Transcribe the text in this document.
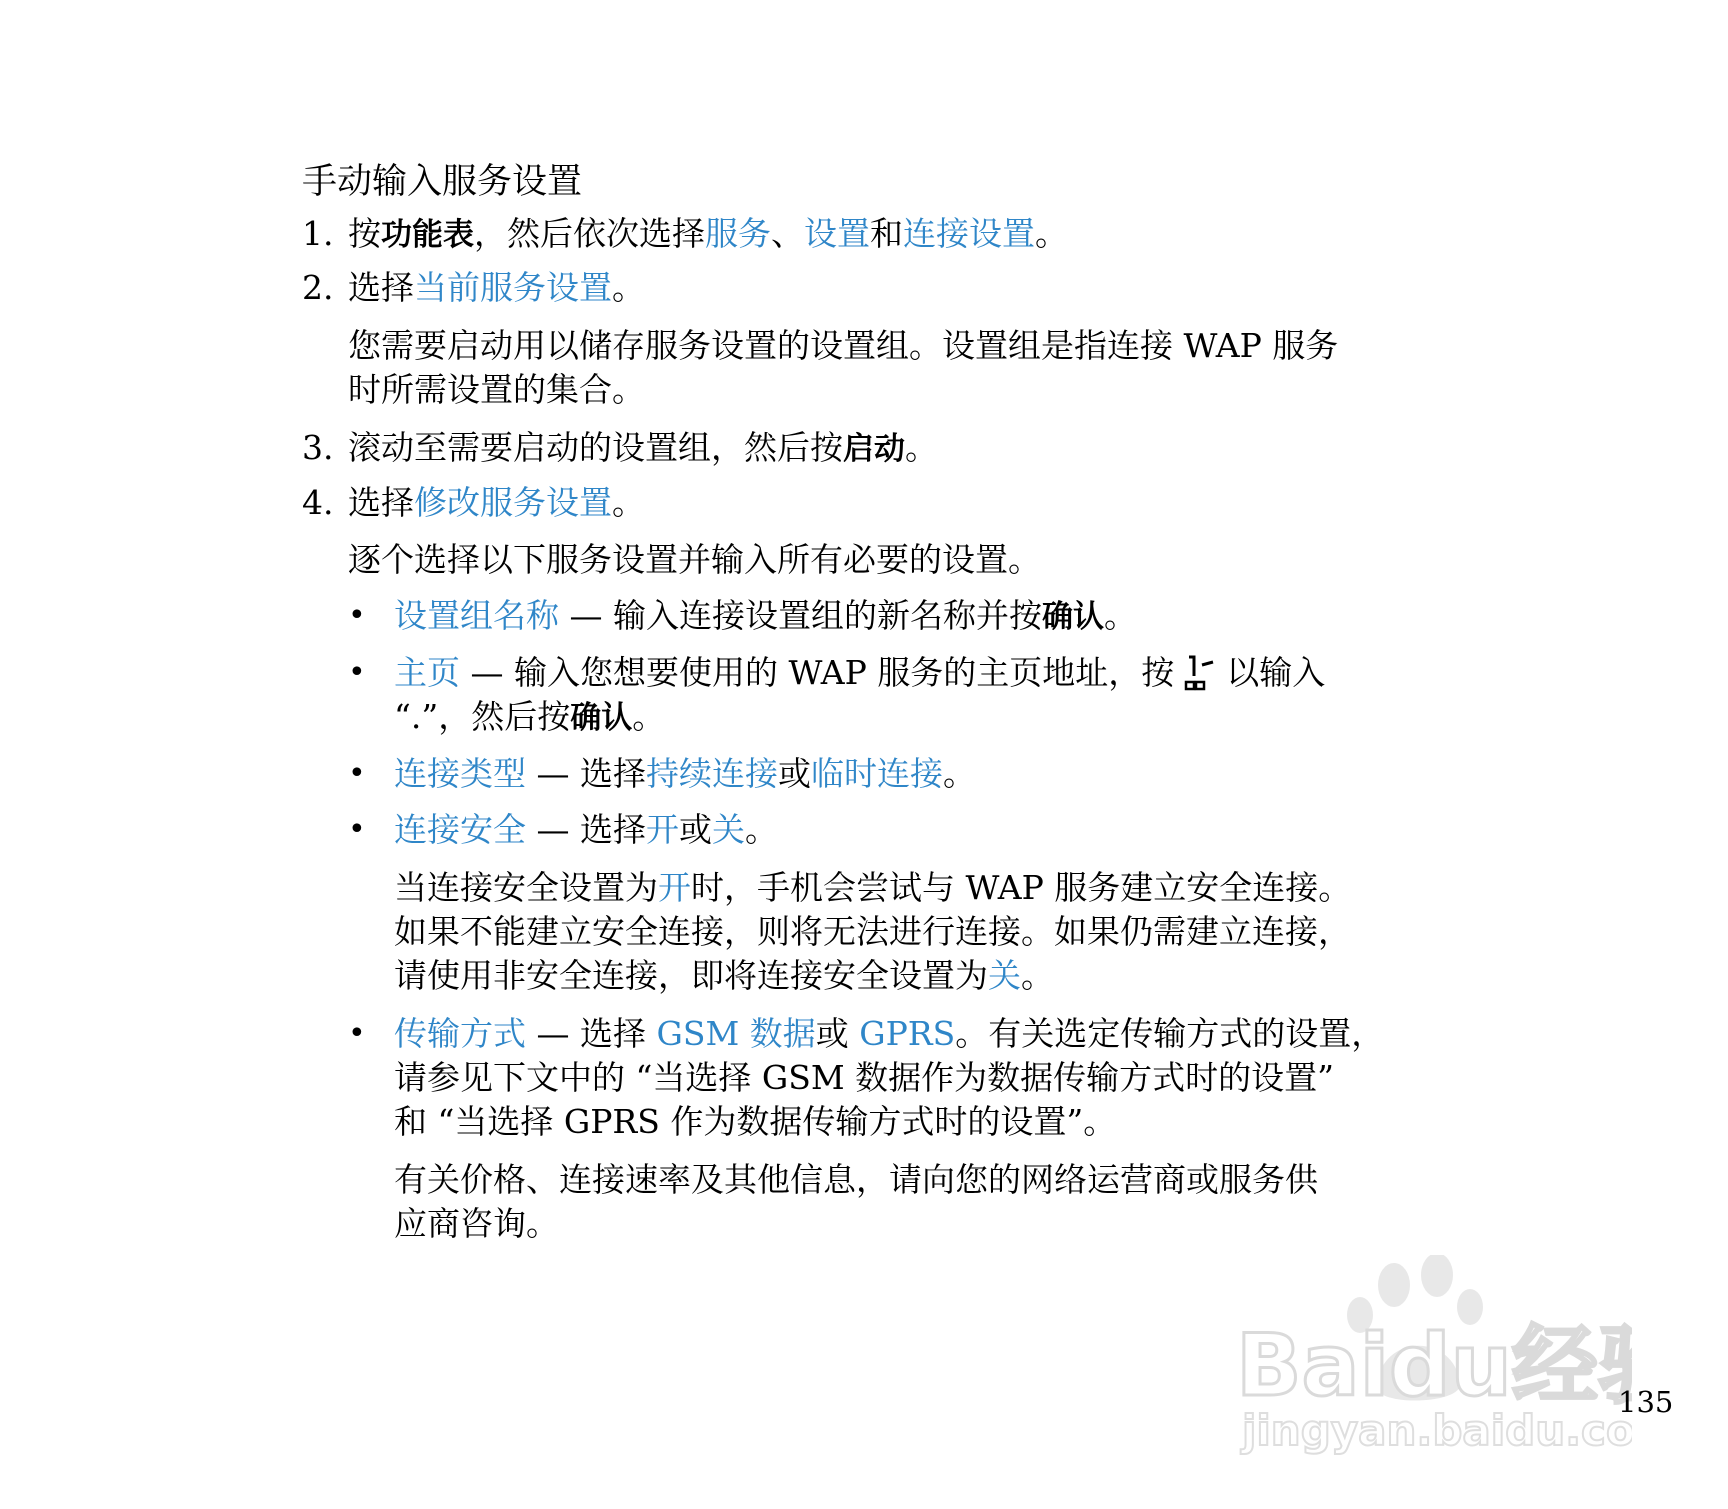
手动输入服务设置
1. 按功能表，然后依次选择服务、设置和连接设置。
2. 选择当前服务设置。
您需要启动用以储存服务设置的设置组。设置组是指连接 WAP 服务
时所需设置的集合。
3. 滚动至需要启动的设置组，然后按启动。
4. 选择修改服务设置。
逐个选择以下服务设置并输入所有必要的设置。
• 设置组名称 — 输入连接设置组的新名称并按确认。
• 主页 — 输入您想要使用的 WAP 服务的主页地址，按 以输入
“.”，然后按确认。
• 连接类型 — 选择持续连接或临时连接。
• 连接安全 — 选择开或关。
当连接安全设置为开时，手机会尝试与 WAP 服务建立安全连接。
如果不能建立安全连接，则将无法进行连接。如果仍需建立连接，
请使用非安全连接，即将连接安全设置为关。
• 传输方式 — 选择 GSM 数据或 GPRS。有关选定传输方式的设置，
请参见下文中的 “当选择 GSM 数据作为数据传输方式时的设置”
和 “当选择 GPRS 作为数据传输方式时的设置”。
有关价格、连接速率及其他信息，请向您的网络运营商或服务供
应商咨询。
Baidu经
jingyan.baidu.co
135
